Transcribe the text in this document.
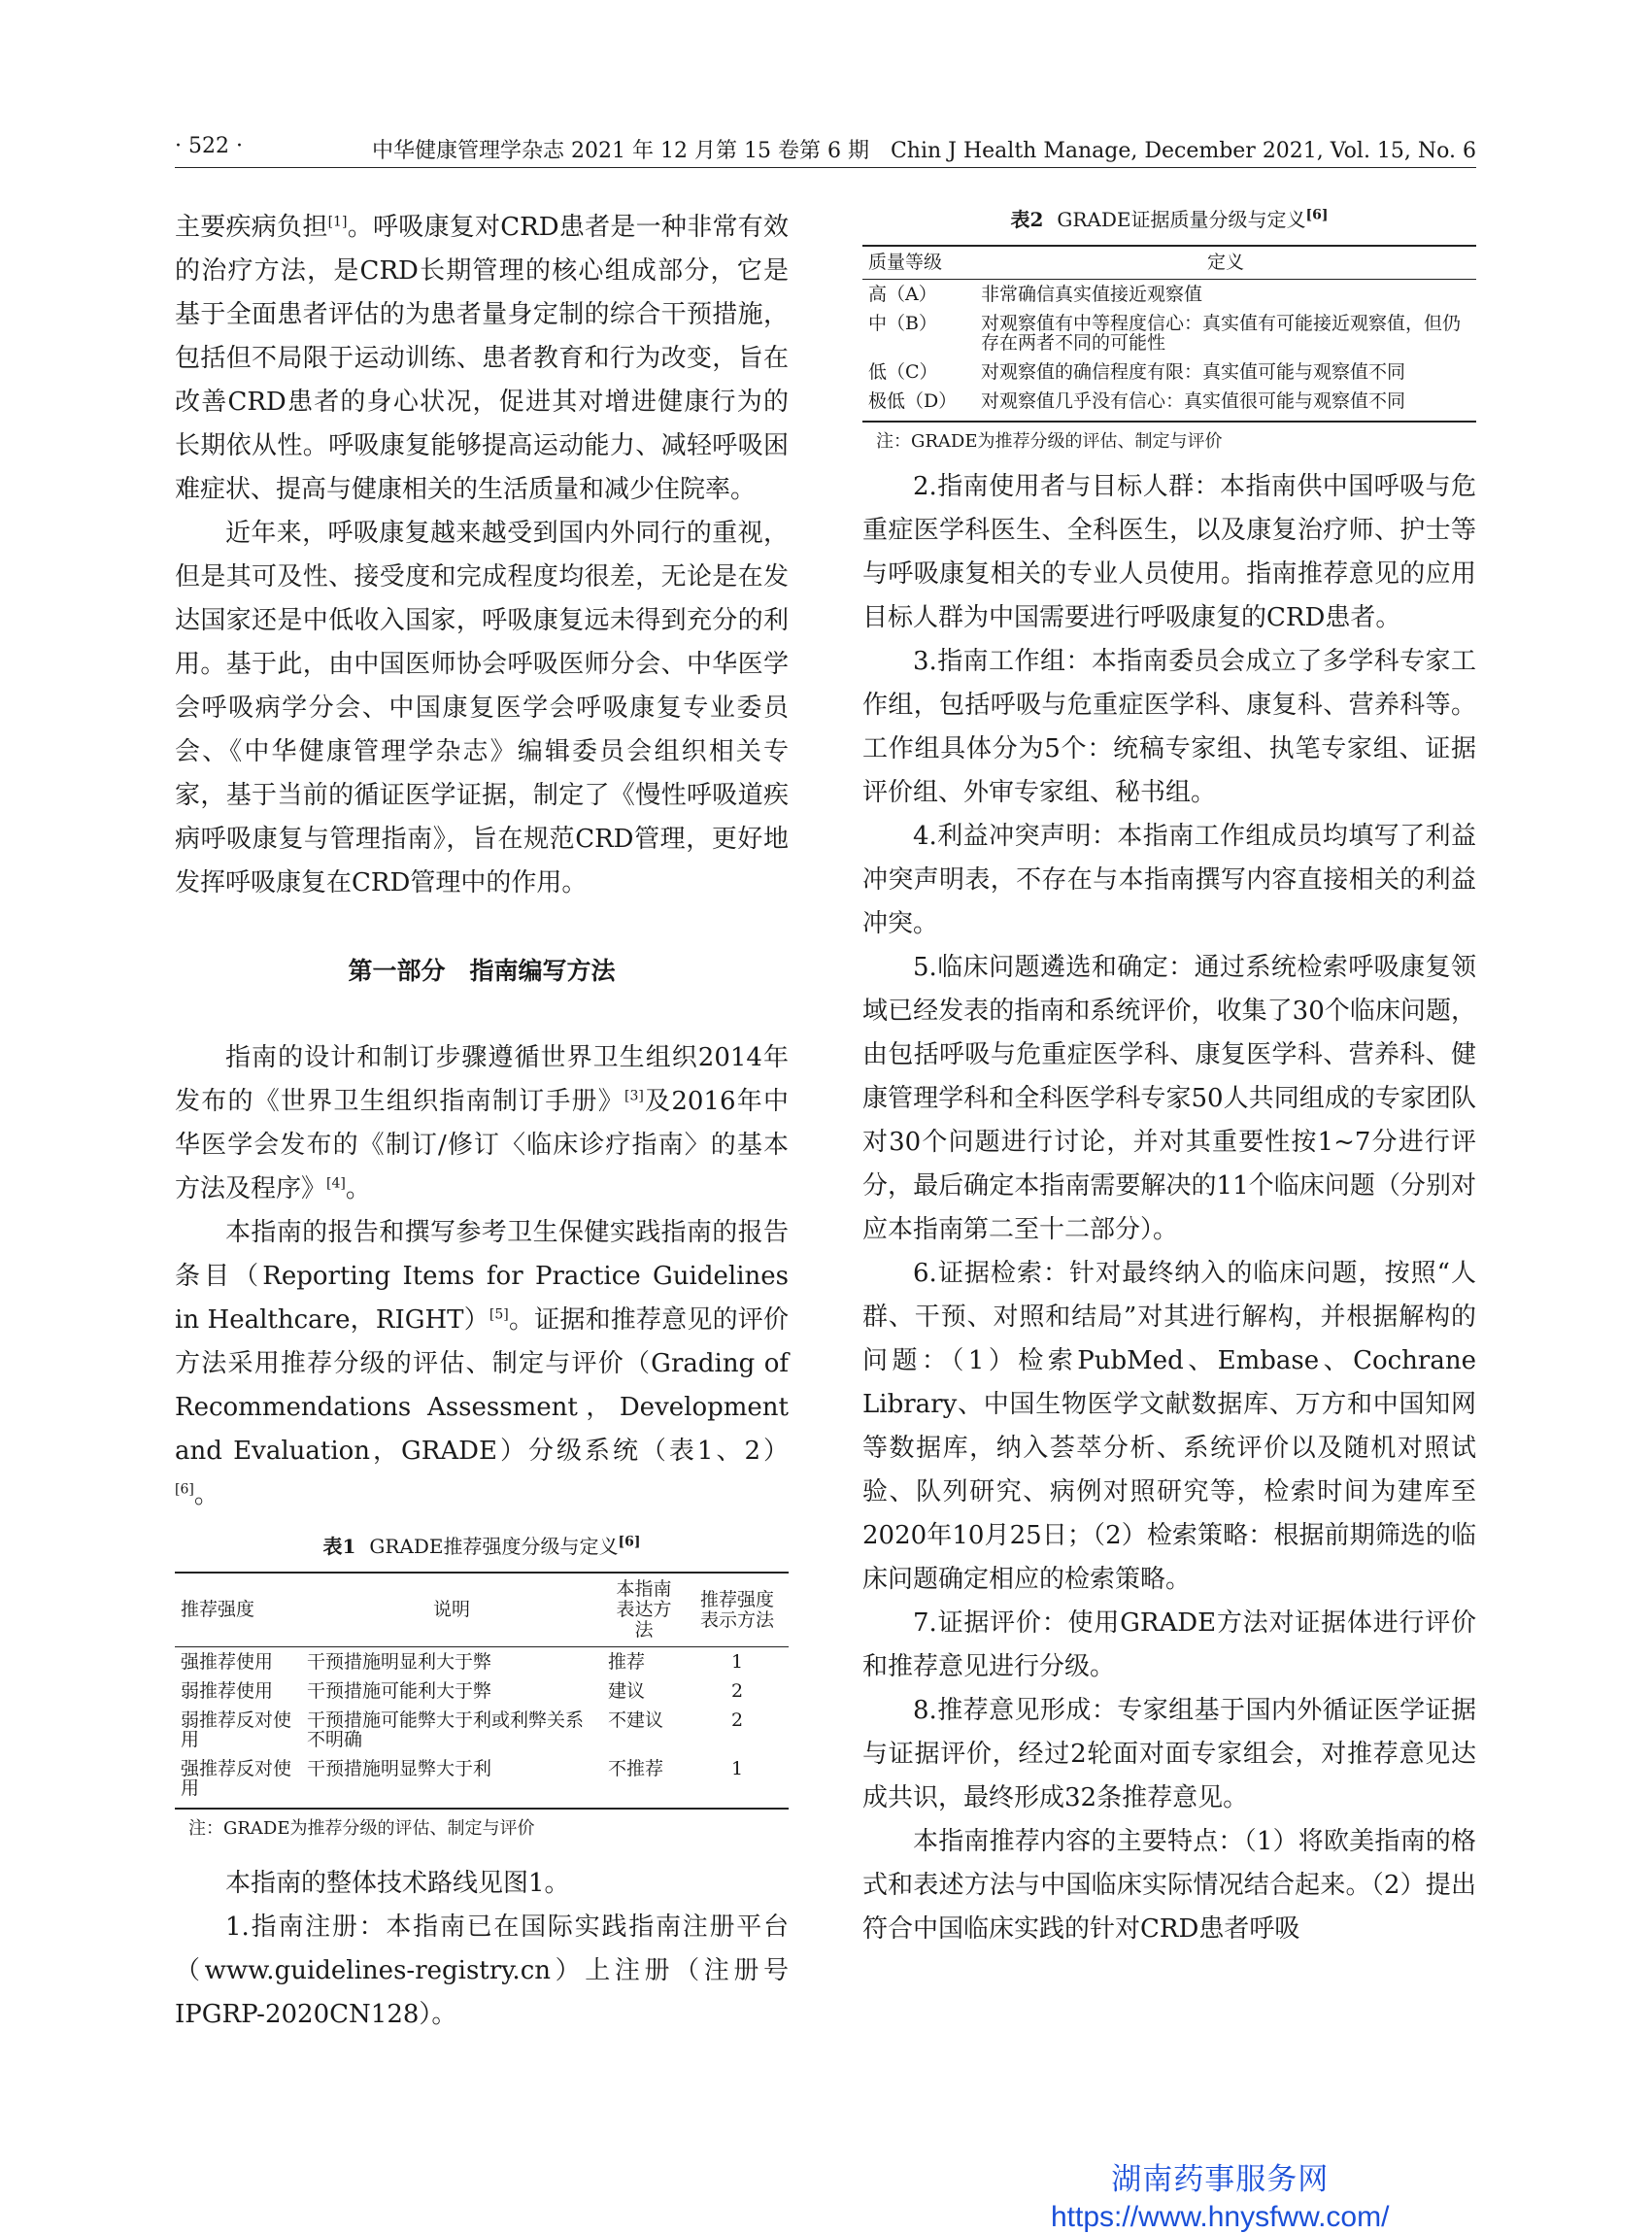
· 522 ·	中华健康管理学杂志 2021 年 12 月第 15 卷第 6 期　Chin J Health Manage, December 2021, Vol. 15, No. 6

主要疾病负担[1]。呼吸康复对CRD患者是一种非常有效的治疗方法，是CRD长期管理的核心组成部分，它是基于全面患者评估的为患者量身定制的综合干预措施，包括但不局限于运动训练、患者教育和行为改变，旨在改善CRD患者的身心状况，促进其对增进健康行为的长期依从性。呼吸康复能够提高运动能力、减轻呼吸困难症状、提高与健康相关的生活质量和减少住院率。

近年来，呼吸康复越来越受到国内外同行的重视，但是其可及性、接受度和完成程度均很差，无论是在发达国家还是中低收入国家，呼吸康复远未得到充分的利用。基于此，由中国医师协会呼吸医师分会、中华医学会呼吸病学分会、中国康复医学会呼吸康复专业委员会、《中华健康管理学杂志》编辑委员会组织相关专家，基于当前的循证医学证据，制定了《慢性呼吸道疾病呼吸康复与管理指南》，旨在规范CRD管理，更好地发挥呼吸康复在CRD管理中的作用。

第一部分　指南编写方法

指南的设计和制订步骤遵循世界卫生组织2014年发布的《世界卫生组织指南制订手册》[3]及2016年中华医学会发布的《制订/修订〈临床诊疗指南〉的基本方法及程序》[4]。

本指南的报告和撰写参考卫生保健实践指南的报告条目（Reporting Items for Practice Guidelines in Healthcare，RIGHT）[5]。证据和推荐意见的评价方法采用推荐分级的评估、制定与评价（Grading of Recommendations Assessment，Development and Evaluation，GRADE）分级系统（表1、2）[6]。

表1 GRADE推荐强度分级与定义[6]

推荐强度	说明	本指南表达方法	推荐强度表示方法
强推荐使用	干预措施明显利大于弊	推荐	1
弱推荐使用	干预措施可能利大于弊	建议	2
弱推荐反对使用	干预措施可能弊大于利或利弊关系不明确	不建议	2
强推荐反对使用	干预措施明显弊大于利	不推荐	1

注：GRADE为推荐分级的评估、制定与评价

本指南的整体技术路线见图1。

1.指南注册：本指南已在国际实践指南注册平台（www.guidelines-registry.cn）上注册（注册号IPGRP-2020CN128）。

表2 GRADE证据质量分级与定义[6]

质量等级	定义
高（A）	非常确信真实值接近观察值
中（B）	对观察值有中等程度信心：真实值有可能接近观察值，但仍存在两者不同的可能性
低（C）	对观察值的确信程度有限：真实值可能与观察值不同
极低（D）	对观察值几乎没有信心：真实值很可能与观察值不同

注：GRADE为推荐分级的评估、制定与评价

2.指南使用者与目标人群：本指南供中国呼吸与危重症医学科医生、全科医生，以及康复治疗师、护士等与呼吸康复相关的专业人员使用。指南推荐意见的应用目标人群为中国需要进行呼吸康复的CRD患者。

3.指南工作组：本指南委员会成立了多学科专家工作组，包括呼吸与危重症医学科、康复科、营养科等。工作组具体分为5个：统稿专家组、执笔专家组、证据评价组、外审专家组、秘书组。

4.利益冲突声明：本指南工作组成员均填写了利益冲突声明表，不存在与本指南撰写内容直接相关的利益冲突。

5.临床问题遴选和确定：通过系统检索呼吸康复领域已经发表的指南和系统评价，收集了30个临床问题，由包括呼吸与危重症医学科、康复医学科、营养科、健康管理学科和全科医学科专家50人共同组成的专家团队对30个问题进行讨论，并对其重要性按1~7分进行评分，最后确定本指南需要解决的11个临床问题（分别对应本指南第二至十二部分）。

6.证据检索：针对最终纳入的临床问题，按照“人群、干预、对照和结局”对其进行解构，并根据解构的问题：（1）检索PubMed、Embase、Cochrane Library、中国生物医学文献数据库、万方和中国知网等数据库，纳入荟萃分析、系统评价以及随机对照试验、队列研究、病例对照研究等，检索时间为建库至2020年10月25日；（2）检索策略：根据前期筛选的临床问题确定相应的检索策略。

7.证据评价：使用GRADE方法对证据体进行评价和推荐意见进行分级。

8.推荐意见形成：专家组基于国内外循证医学证据与证据评价，经过2轮面对面专家组会，对推荐意见达成共识，最终形成32条推荐意见。

本指南推荐内容的主要特点：（1）将欧美指南的格式和表述方法与中国临床实际情况结合起来。（2）提出符合中国临床实践的针对CRD患者呼吸

湖南药事服务网
https://www.hnysfww.com/
